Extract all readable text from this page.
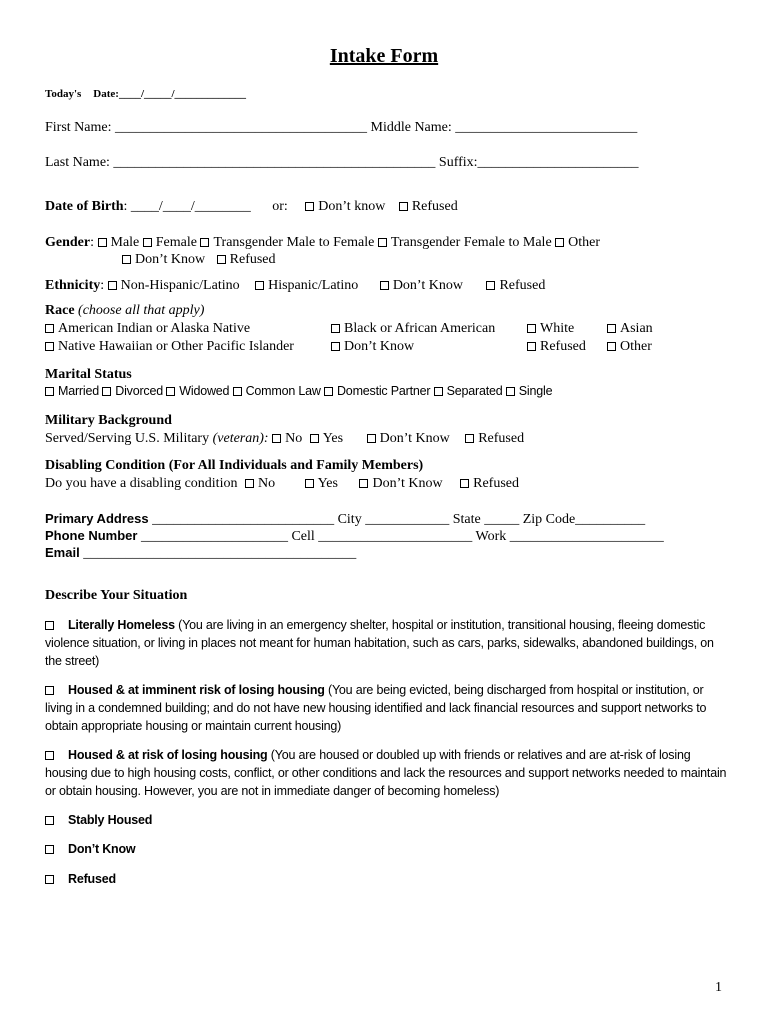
Intake Form
Today's Date:____/_____/_____________
First Name: ____________________________________ Middle Name: __________________________
Last Name: ______________________________________________ Suffix:_______________________
Date of Birth: ____/____/________ or: Don’t know Refused
Gender: Male Female Transgender Male to Female Transgender Female to Male Other
Don’t Know Refused
Ethnicity: Non-Hispanic/Latino Hispanic/Latino Don’t Know	Refused
Race (choose all that apply)
American Indian or Alaska Native	Black or African American	White	Asian
Native Hawaiian or Other Pacific Islander	Don’t Know	Refused	Other
Marital Status
Married Divorced Widowed Common Law Domestic Partner Separated Single
Military Background
Served/Serving U.S. Military (veteran): No Yes	Don’t Know Refused
Disabling Condition (For All Individuals and Family Members)
Do you have a disabling condition No	Yes Don’t Know Refused
Primary Address __________________________ City ____________ State _____ Zip Code__________
Phone Number _____________________ Cell ______________________ Work ______________________
Email _______________________________________
Describe Your Situation
Literally Homeless (You are living in an emergency shelter, hospital or institution, transitional housing, fleeing domestic violence situation, or living in places not meant for human habitation, such as cars, parks, sidewalks, abandoned buildings, on the street)
Housed & at imminent risk of losing housing (You are being evicted, being discharged from hospital or institution, or living in a condemned building; and do not have new housing identified and lack financial resources and support networks to obtain appropriate housing or maintain current housing)
Housed & at risk of losing housing (You are housed or doubled up with friends or relatives and are at-risk of losing housing due to high housing costs, conflict, or other conditions and lack the resources and support networks needed to maintain or obtain housing. However, you are not in immediate danger of becoming homeless)
Stably Housed
Don’t Know
Refused
1
